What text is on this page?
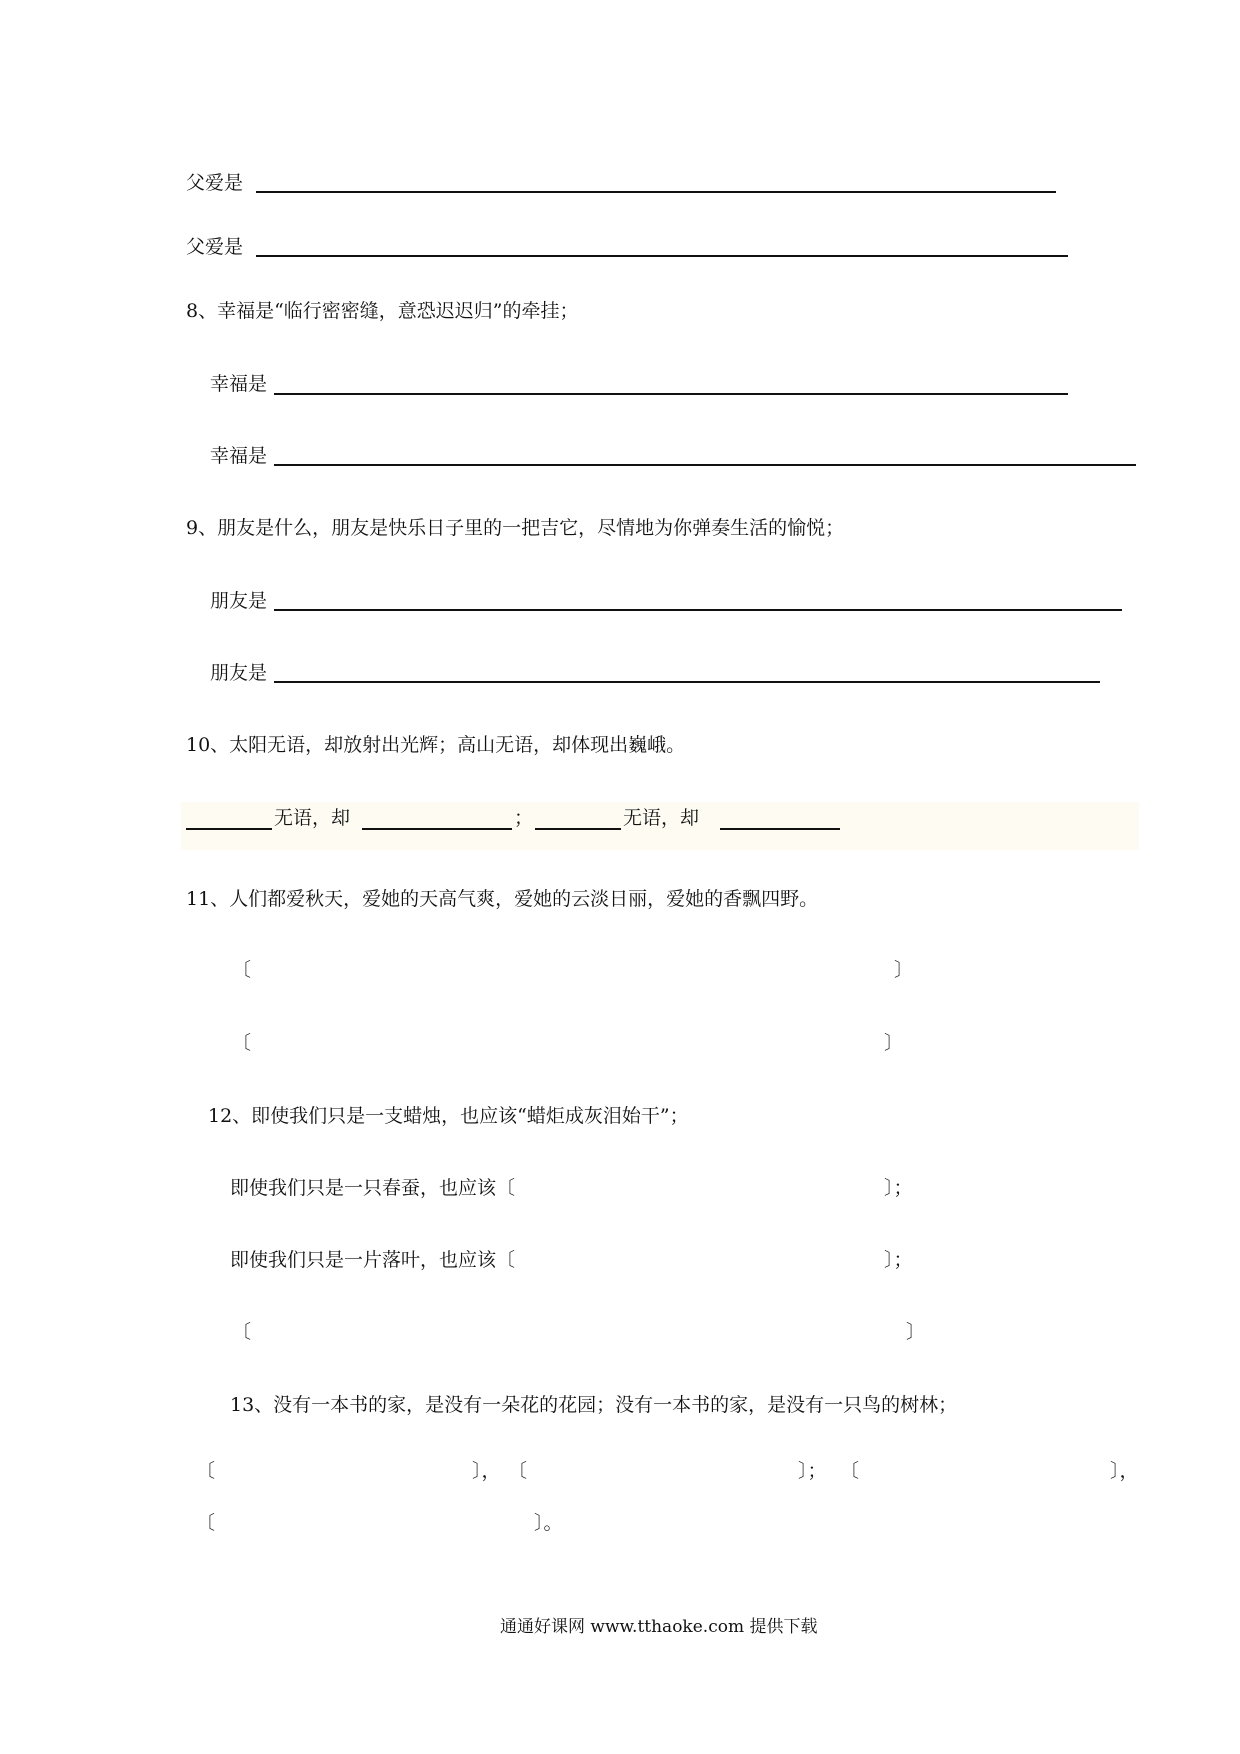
父爱是
父爱是
8、幸福是“临行密密缝，意恐迟迟归”的牵挂；
幸福是
幸福是
9、朋友是什么，朋友是快乐日子里的一把吉它，尽情地为你弹奏生活的愉悦；
朋友是
朋友是
10、太阳无语，却放射出光辉；高山无语，却体现出巍峨。
无语，却	；	无语，却
11、人们都爱秋天，爱她的天高气爽，爱她的云淡日丽，爱她的香飘四野。
〔	〕
〔	〕
12、即使我们只是一支蜡烛，也应该“蜡炬成灰泪始干”；
即使我们只是一只春蚕，也应该〔	〕；
即使我们只是一片落叶，也应该〔	〕；
〔	〕
13、没有一本书的家，是没有一朵花的花园；没有一本书的家，是没有一只鸟的树林；
〔	〕， 〔	〕； 〔	〕，
〔	〕。
通通好课网 www.tthaoke.com 提供下载
